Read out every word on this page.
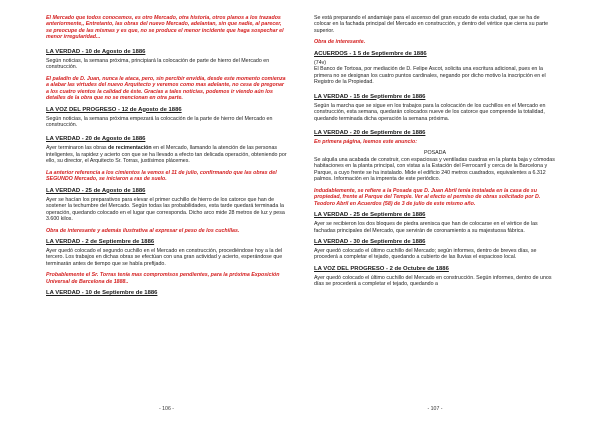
El Mercado que todos conocemos, es otro Mercado, otra historia, otros planos a los trazados anteriormente,, Entretanto, las obras del nuevo Mercado, adelantan, sin que nadie, al parecer, se preocupe de las mismas y es que, no se produce el menor incidente que haga sospechar el menor irregularidad...
LA VERDAD - 10 de Agosto de 1886
Según noticias, la semana próxima, principiará la colocación de parte de hierro del Mercado en construcción.
El paladín de D. Juan, nunca le ataca, pero, sin percibir envidia, desde este momento comienza a alabar las virtudes del nuevo Arquitecto y veremos como mas adelante, no cesa de pregonar a los cuatro vientos la calidad de éste. Gracias a tales noticias, podemos ir viendo aún los detalles de la obra que no se mencionan en otra parte.
LA VOZ DEL PROGRESO - 12 de Agosto de 1886
Según noticias, la semana próxima empezará la colocación de la parte de hierro del Mercado en construcción.
LA VERDAD - 20 de Agosto de 1886
Ayer terminaron las obras de recimentación en el Mercado, llamando la atención de las personas inteligentes, la rapidez y acierto con que se ha llevado a efecto tan delicada operación, obteniendo por ello, su director, el Arquitecto Sr. Torras, justísimos plácemes.
La anterior referencia a los cimientos la vemos el 11 de julio, confirmando que las obras del SEGUNDO Mercado, se iniciaron a ras de suelo.
LA VERDAD - 25 de Agosto de 1886
Ayer se hacían los preparativos para elevar el primer cuchillo de hierro de los catorce que han de sostener la techumbre del Mercado. Según todas las probabilidades, esta tarde quedará terminada la operación, quedando colocado en el lugar que corresponda. Dicho arco mide 28 metros de luz y pesa 3.600 kilos.
Obra de interesante y además ilustrativa al expresar el peso de los cuchillas.
LA VERDAD - 2 de Septiembre de 1886
Ayer quedó colocado el segundo cuchillo en el Mercado en construcción, procediéndose hoy a la del tercero. Los trabajos en dichas obras se efectúan con una gran actividad y acierto, esperándose que terminarán antes de tiempo que se había prefijado.
Probablemente el Sr. Torras tenía mas compromisos pendientes, para la próxima Exposición Universal de Barcelona de 1888..
LA VERDAD - 10 de Septiembre de 1886
- 106 -
Se está preparando el andamiaje para el ascenso del gran escudo de esta ciudad, que se ha de colocar en la fachada principal del Mercado en construcción, y dentro del vértice que cierra su parte superior.
Obra de interesante.
ACUERDOS - 1 5 de Septiembre de 1886
(74v)
El Banco de Tortosa, por mediación de D. Felipe Ascot, solicita una escritura adicional, pues en la primera no se designan los cuatro puntos cardinales, negando por dicho motivo la inscripción en el Registro de la Propiedad.
LA VERDAD - 15 de Septiembre de 1886
Según la marcha que se sigue en los trabajos para la colocación de los cuchillos en el Mercado en construcción, esta semana, quedarán colocados nueve de los catorce que comprende la totalidad, quedando terminada dicha operación la semana próxima.
LA VERDAD - 20 de Septiembre de 1886
En primera página, leemos este anuncio:
POSADA
Se alquila una acabada de construir, con espaciosas y ventiladas cuadras en la planta baja y cómodas habitaciones en la planta principal, con vistas a la Estación del Ferrocarril y cerca de la Barcelona y Parque, a cuyo frente se ha instalado. Mide el edificio 240 metros cuadrados, equivalentes a 6.312 palmos. Información en la imprenta de este periódico.
Indudablemente, se refiere a la Posada que D. Juan Abril tenía instalada en la casa de su propiedad, frente al Parque del Temple. Ver al efecto el permiso de obras solicitado por D. Teodoro Abril en Acuerdos (58) de 3 de julio de este mismo año.
LA VERDAD - 25 de Septiembre de 1886
Ayer se recibieron los dos bloques de piedra arenisca que han de colocarse en el vértice de las fachadas principales del Mercado, que servirán de coronamiento a su majestuosa fábrica.
LA VERDAD - 30 de Septiembre de 1886
Ayer quedó colocado el último cuchillo del Mercado; según informes, dentro de breves días, se procederá a completar el tejado, quedando a cubierto de las lluvias el espacioso local.
LA VOZ DEL PROGRESO - 2 de Octubre de 1886
Ayer quedó colocado el último cuchillo del Mercado en construcción. Según informes, dentro de unos días se procederá a completar el tejado, quedando a
- 107 -
